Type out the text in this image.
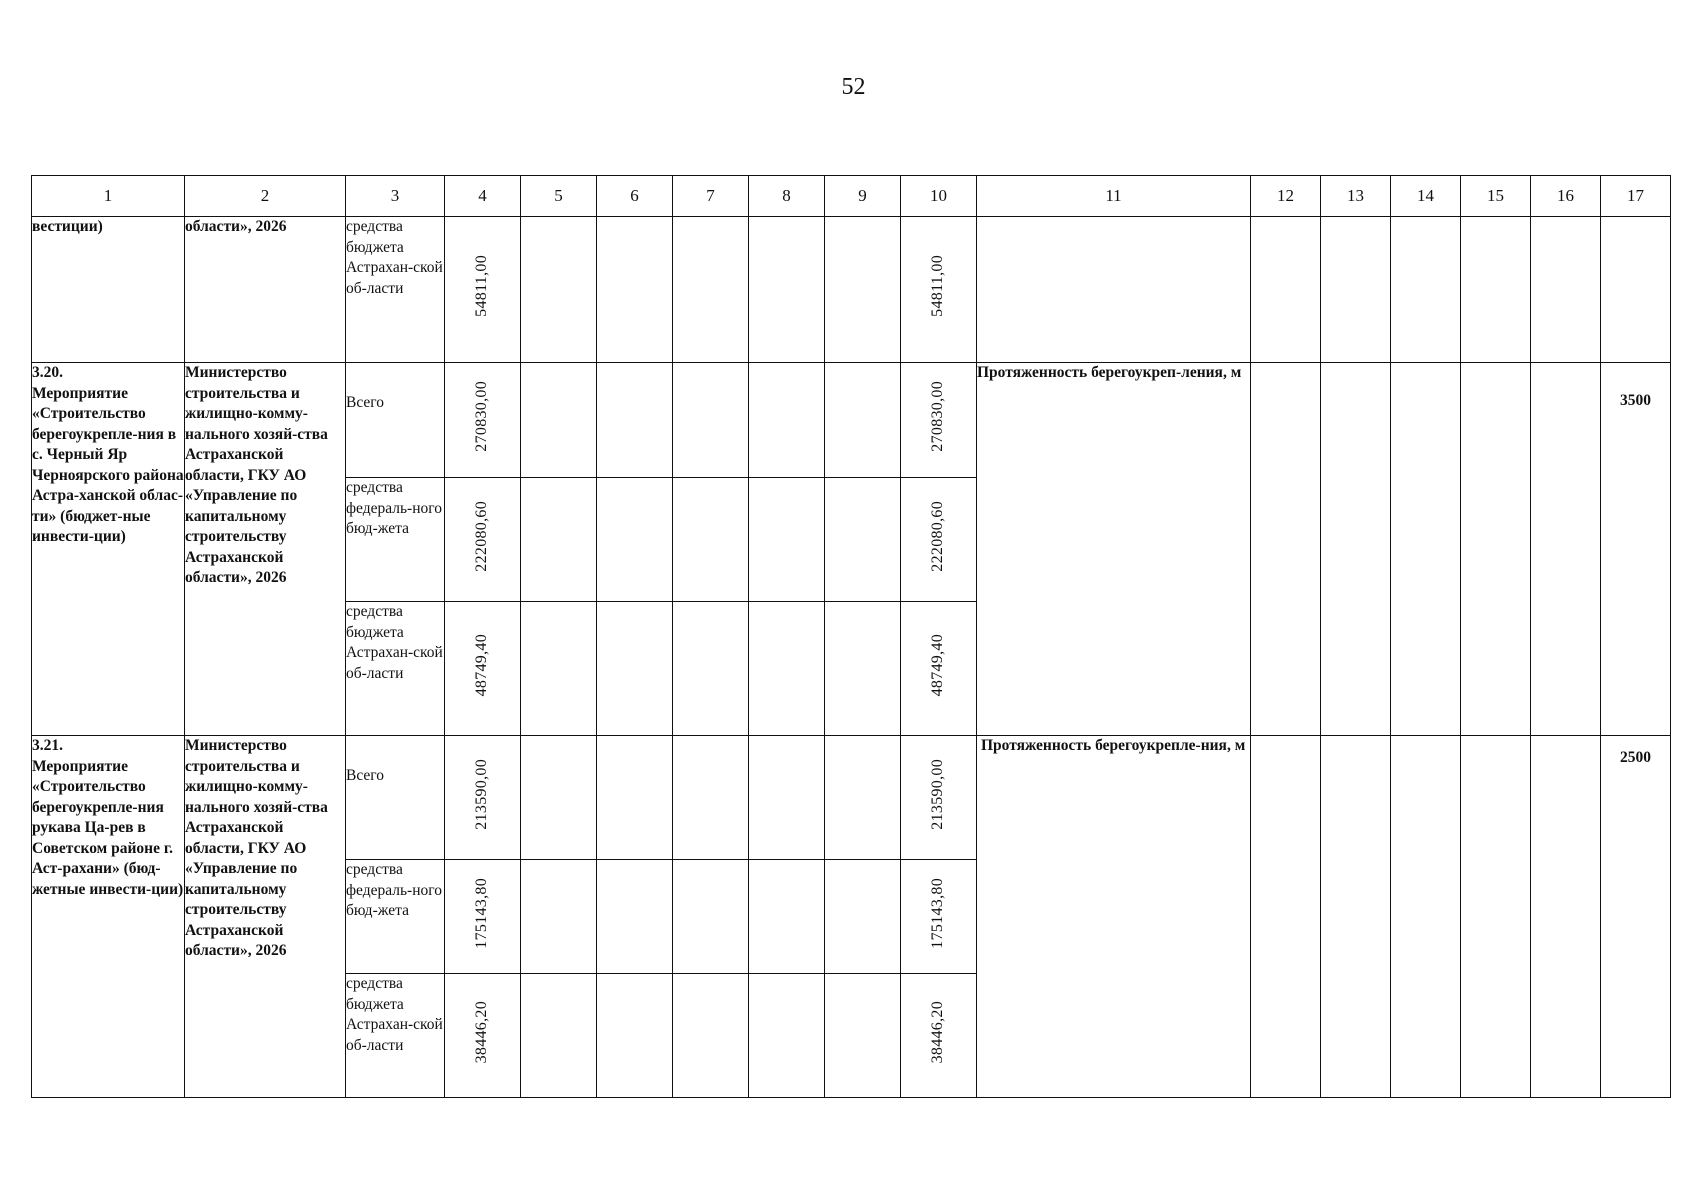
52
1	2	3	4	5	6	7	8	9	10	11	12	13	14	15	16	17
вестиции)	области», 2026	средства бюджета Астрахан-ской об-ласти	54811,00						54811,00							
3.20.
Мероприятие «Строительство берегоукрепле-ния в с. Черный Яр Черноярского района Астра-ханской облас-ти» (бюджет-ные инвести-ции)	Министерство строительства и жилищно-комму-нального хозяй-ства Астраханской области, ГКУ АО «Управление по капитальному строительству Астраханской области», 2026	Всего	270830,00						270830,00	Протяженность берегоукреп-ления, м						3500
		средства федераль-ного бюд-жета	222080,60						222080,60							
		средства бюджета Астрахан-ской об-ласти	48749,40						48749,40							
3.21.
Мероприятие «Строительство берегоукрепле-ния рукава Ца-рев в Советском районе г. Аст-рахани» (бюд-жетные инвести-ции)	Министерство строительства и жилищно-комму-нального хозяй-ства Астраханской области, ГКУ АО «Управление по капитальному строительству Астраханской области», 2026	Всего	213590,00						213590,00	Протяженность берегоукрепле-ния, м						2500
		средства федераль-ного бюд-жета	175143,80						175143,80							
		средства бюджета Астрахан-ской об-ласти	38446,20						38446,20							
